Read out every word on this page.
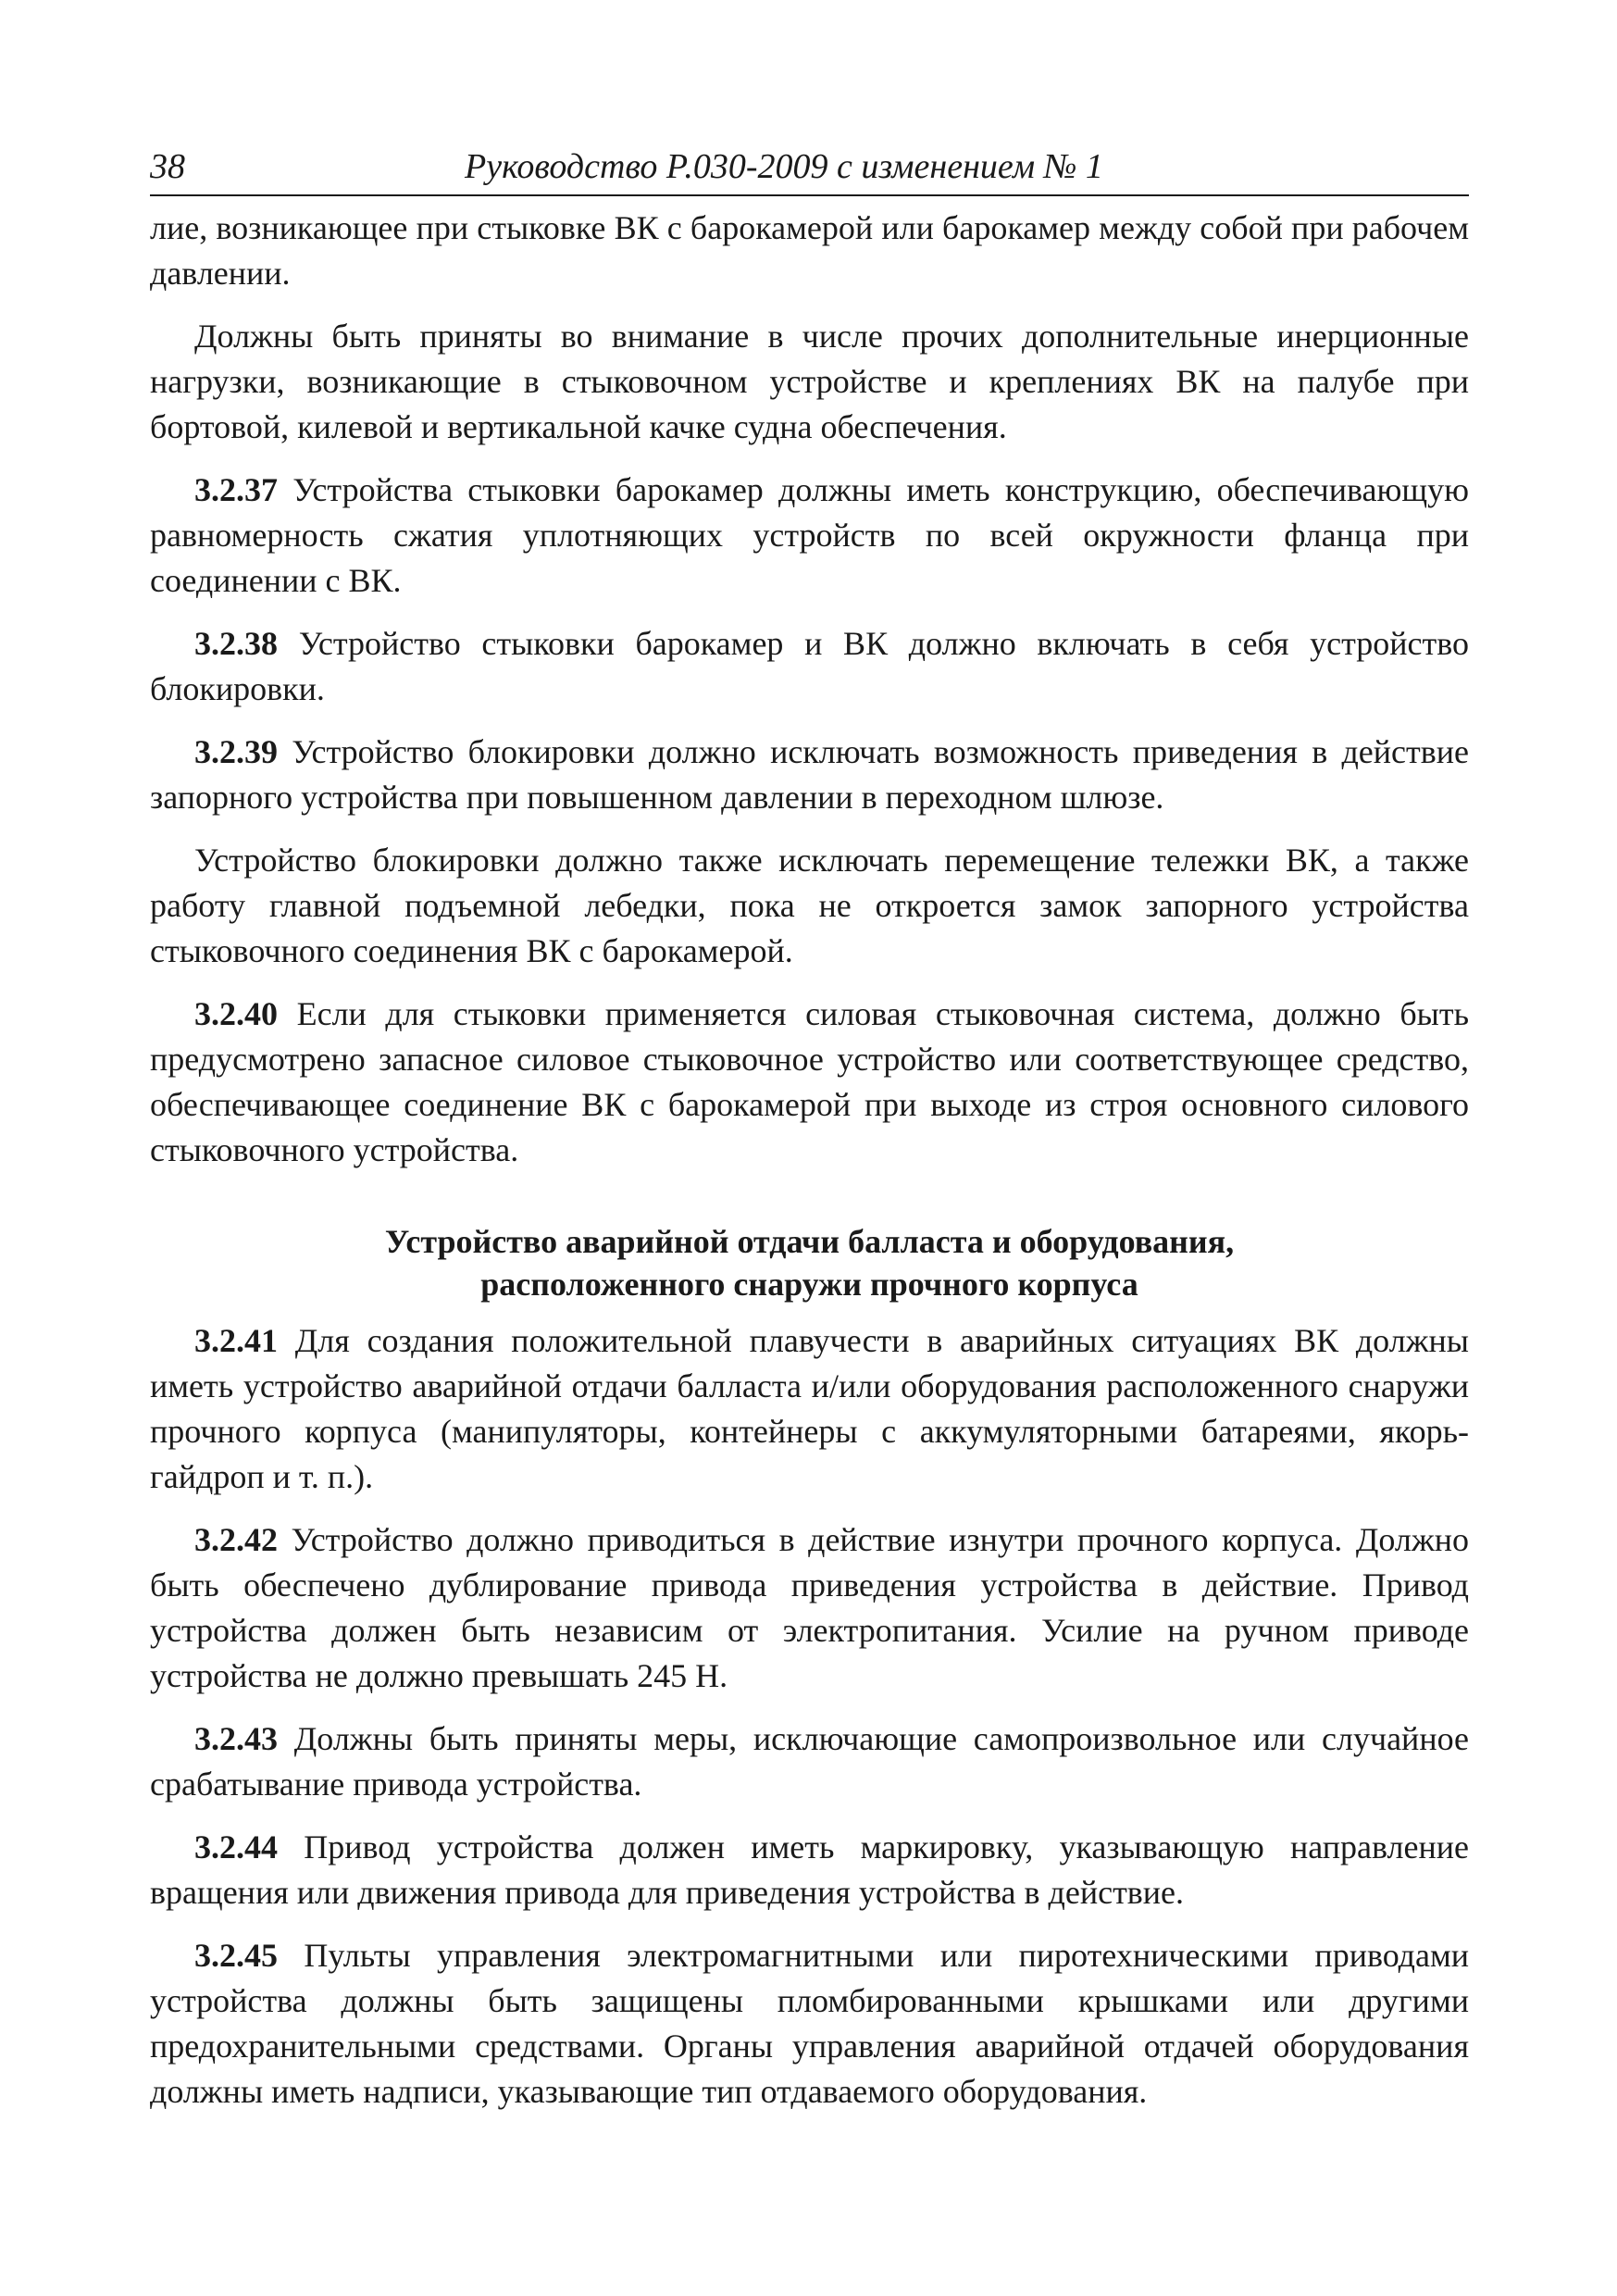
38	Руководство Р.030-2009 с изменением № 1

лие, возникающее при стыковке ВК с барокамерой или барокамер между собой при рабочем давлении.

Должны быть приняты во внимание в числе прочих дополнительные инерционные нагрузки, возникающие в стыковочном устройстве и креплениях ВК на палубе при бортовой, килевой и вертикальной качке судна обеспечения.

3.2.37 Устройства стыковки барокамер должны иметь конструкцию, обеспечивающую равномерность сжатия уплотняющих устройств по всей окружности фланца при соединении с ВК.

3.2.38 Устройство стыковки барокамер и ВК должно включать в себя устройство блокировки.

3.2.39 Устройство блокировки должно исключать возможность приведения в действие запорного устройства при повышенном давлении в переходном шлюзе.

Устройство блокировки должно также исключать перемещение тележки ВК, а также работу главной подъемной лебедки, пока не откроется замок запорного устройства стыковочного соединения ВК с барокамерой.

3.2.40 Если для стыковки применяется силовая стыковочная система, должно быть предусмотрено запасное силовое стыковочное устройство или соответствующее средство, обеспечивающее соединение ВК с барокамерой при выходе из строя основного силового стыковочного устройства.

Устройство аварийной отдачи балласта и оборудования,
расположенного снаружи прочного корпуса

3.2.41 Для создания положительной плавучести в аварийных ситуациях ВК должны иметь устройство аварийной отдачи балласта и/или оборудования расположенного снаружи прочного корпуса (манипуляторы, контейнеры с аккумуляторными батареями, якорь-гайдроп и т. п.).

3.2.42 Устройство должно приводиться в действие изнутри прочного корпуса. Должно быть обеспечено дублирование привода приведения устройства в действие. Привод устройства должен быть независим от электропитания. Усилие на ручном приводе устройства не должно превышать 245 Н.

3.2.43 Должны быть приняты меры, исключающие самопроизвольное или случайное срабатывание привода устройства.

3.2.44 Привод устройства должен иметь маркировку, указывающую направление вращения или движения привода для приведения устройства в действие.

3.2.45 Пульты управления электромагнитными или пиротехническими приводами устройства должны быть защищены пломбированными крышками или другими предохранительными средствами. Органы управления аварийной отдачей оборудования должны иметь надписи, указывающие тип отдаваемого оборудования.
